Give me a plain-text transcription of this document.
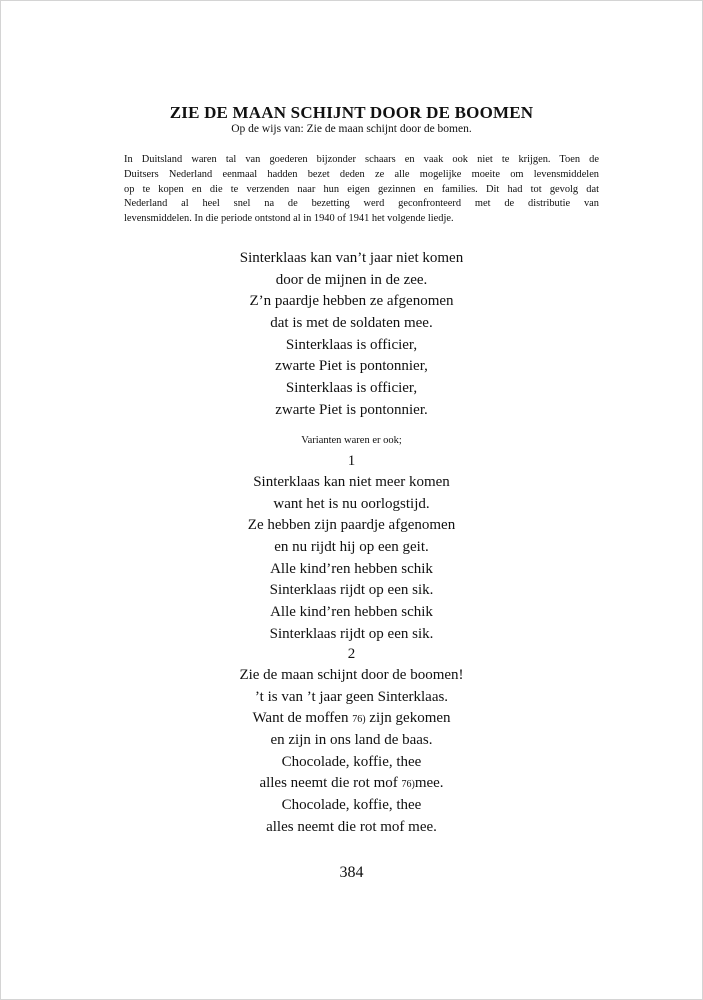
ZIE DE MAAN SCHIJNT DOOR DE BOOMEN

Op de wijs van: Zie de maan schijnt door de bomen.

In Duitsland waren tal van goederen bijzonder schaars en vaak ook niet te krijgen. Toen de
Duitsers Nederland eenmaal hadden bezet deden ze alle mogelijke moeite om levensmiddelen
op te kopen en die te verzenden naar hun eigen gezinnen en families. Dit had tot gevolg dat
Nederland al heel snel na de bezetting werd geconfronteerd met de distributie van
levensmiddelen. In die periode ontstond al in 1940 of 1941 het volgende liedje.
Sinterklaas kan van’t jaar niet komen
door de mijnen in de zee.
Z’n paardje hebben ze afgenomen
dat is met de soldaten mee.
Sinterklaas is officier,
zwarte Piet is pontonnier,
Sinterklaas is officier,
zwarte Piet is pontonnier.

Varianten waren er ook;

1

Sinterklaas kan niet meer komen
want het is nu oorlogstijd.
Ze hebben zijn paardje afgenomen
en nu rijdt hij op een geit.
Alle kind’ren hebben schik
Sinterklaas rijdt op een sik.
Alle kind’ren hebben schik
Sinterklaas rijdt op een sik.

2

Zie de maan schijnt door de boomen!
’t is van ’t jaar geen Sinterklaas.
Want de moffen 76) zijn gekomen
en zijn in ons land de baas.
Chocolade, koffie, thee
alles neemt die rot mof 76)mee.
Chocolade, koffie, thee
alles neemt die rot mof mee.

384
